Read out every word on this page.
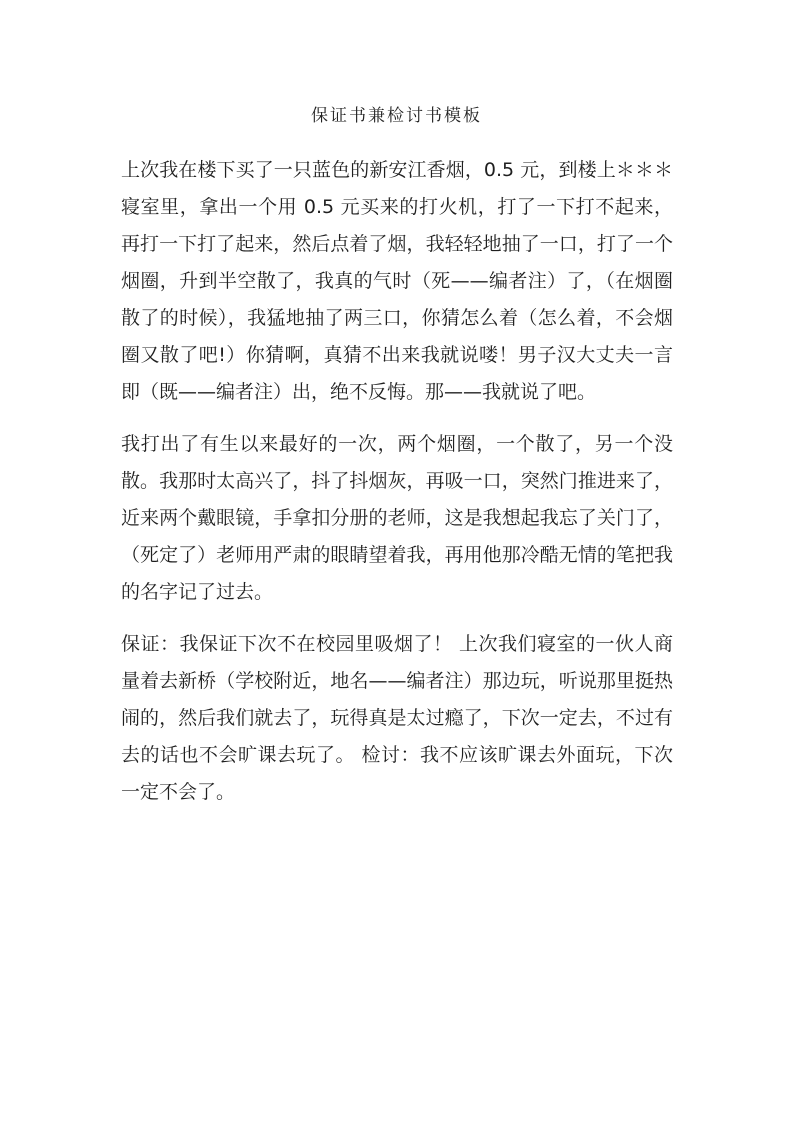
保证书兼检讨书模板

上次我在楼下买了一只蓝色的新安江香烟，0.5 元，到楼上＊＊＊寝室里，拿出一个用 0.5 元买来的打火机，打了一下打不起来，再打一下打了起来，然后点着了烟，我轻轻地抽了一口，打了一个烟圈，升到半空散了，我真的气时（死——编者注）了，（在烟圈散了的时候），我猛地抽了两三口，你猜怎么着（怎么着，不会烟圈又散了吧!）你猜啊，真猜不出来我就说喽！男子汉大丈夫一言即（既——编者注）出，绝不反悔。那——我就说了吧。

我打出了有生以来最好的一次，两个烟圈，一个散了，另一个没散。我那时太高兴了，抖了抖烟灰，再吸一口，突然门推进来了，近来两个戴眼镜，手拿扣分册的老师，这是我想起我忘了关门了，（死定了）老师用严肃的眼睛望着我，再用他那冷酷无情的笔把我的名字记了过去。

保证：我保证下次不在校园里吸烟了！ 上次我们寝室的一伙人商量着去新桥（学校附近，地名——编者注）那边玩，听说那里挺热闹的，然后我们就去了，玩得真是太过瘾了，下次一定去，不过有去的话也不会旷课去玩了。 检讨：我不应该旷课去外面玩，下次一定不会了。
